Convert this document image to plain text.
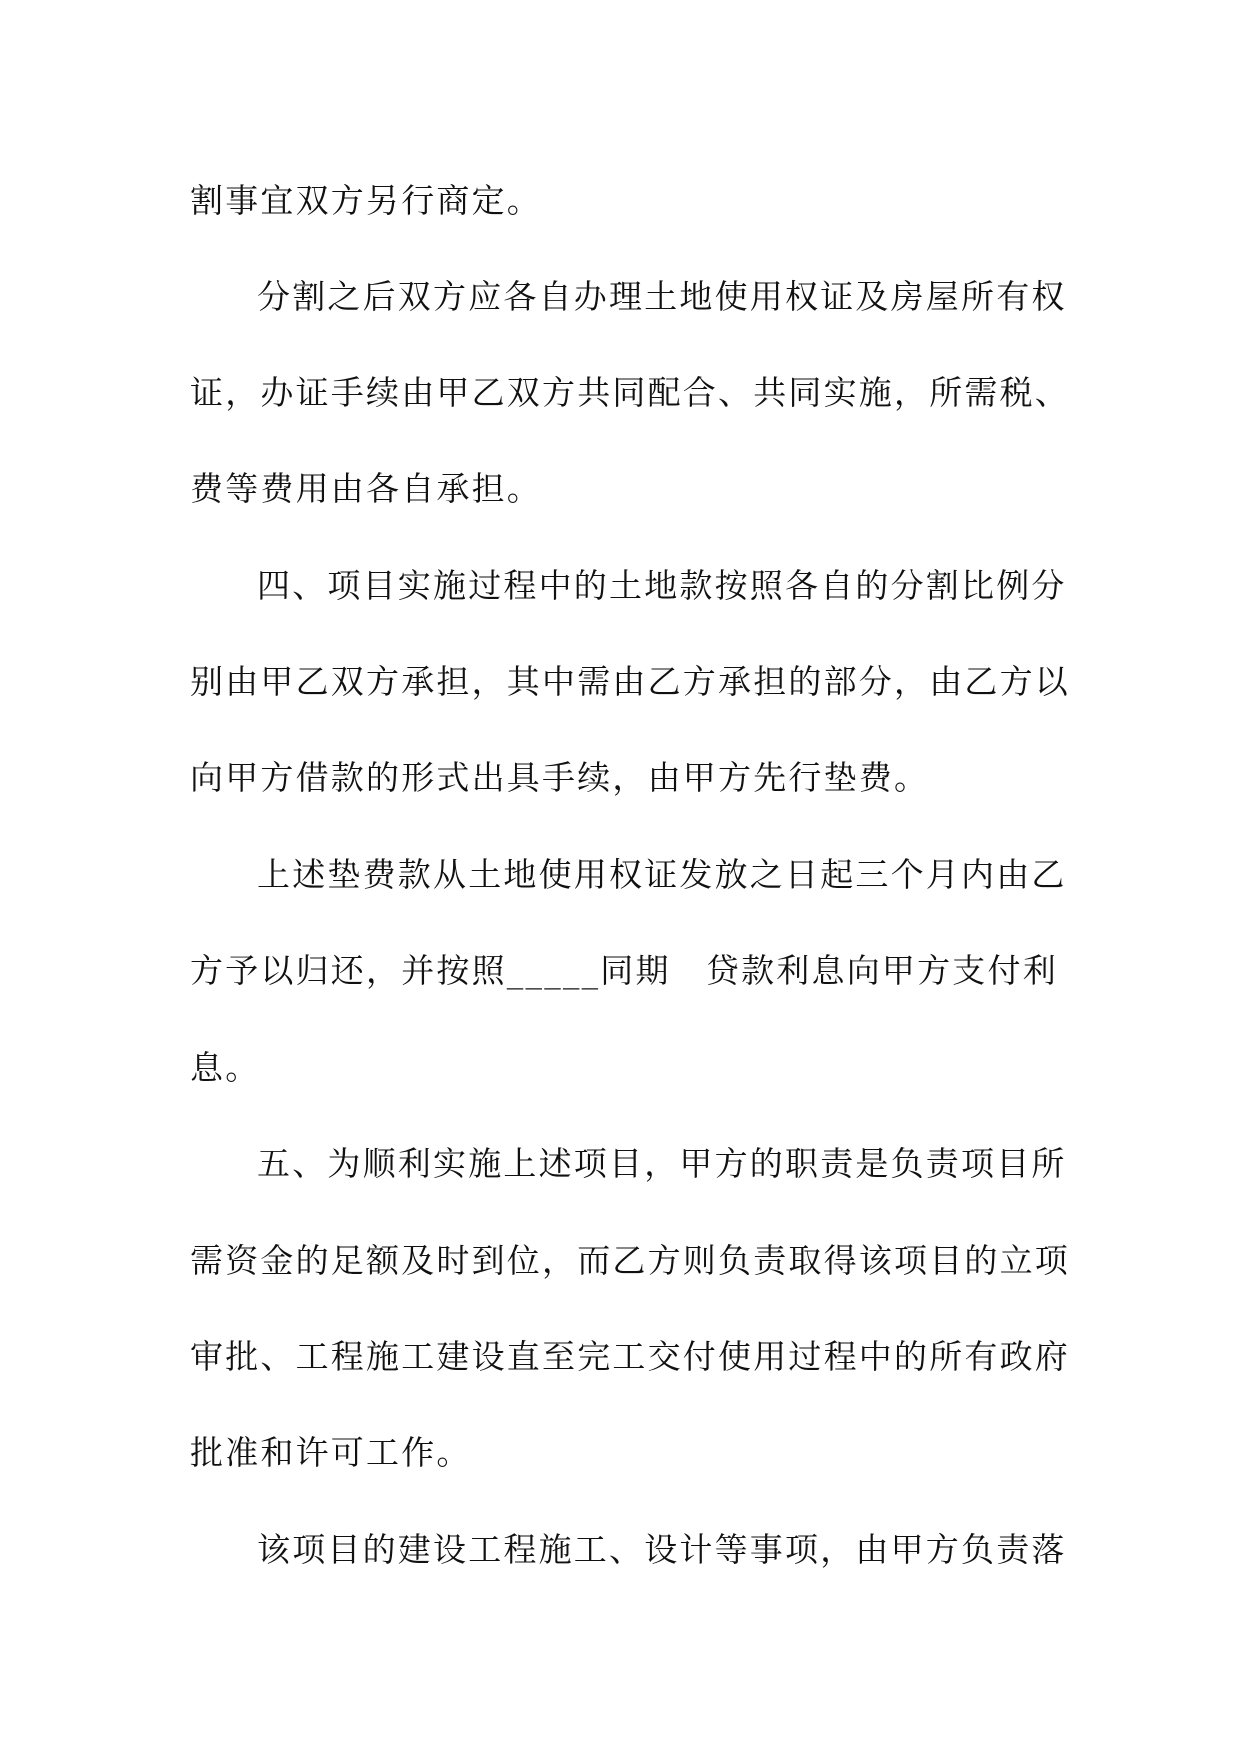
割事宜双方另行商定。
分割之后双方应各自办理土地使用权证及房屋所有权
证，办证手续由甲乙双方共同配合、共同实施，所需税、
费等费用由各自承担。
四、项目实施过程中的土地款按照各自的分割比例分
别由甲乙双方承担，其中需由乙方承担的部分，由乙方以
向甲方借款的形式出具手续，由甲方先行垫费。
上述垫费款从土地使用权证发放之日起三个月内由乙
方予以归还，并按照_____同期　贷款利息向甲方支付利
息。
五、为顺利实施上述项目，甲方的职责是负责项目所
需资金的足额及时到位，而乙方则负责取得该项目的立项
审批、工程施工建设直至完工交付使用过程中的所有政府
批准和许可工作。
该项目的建设工程施工、设计等事项，由甲方负责落
